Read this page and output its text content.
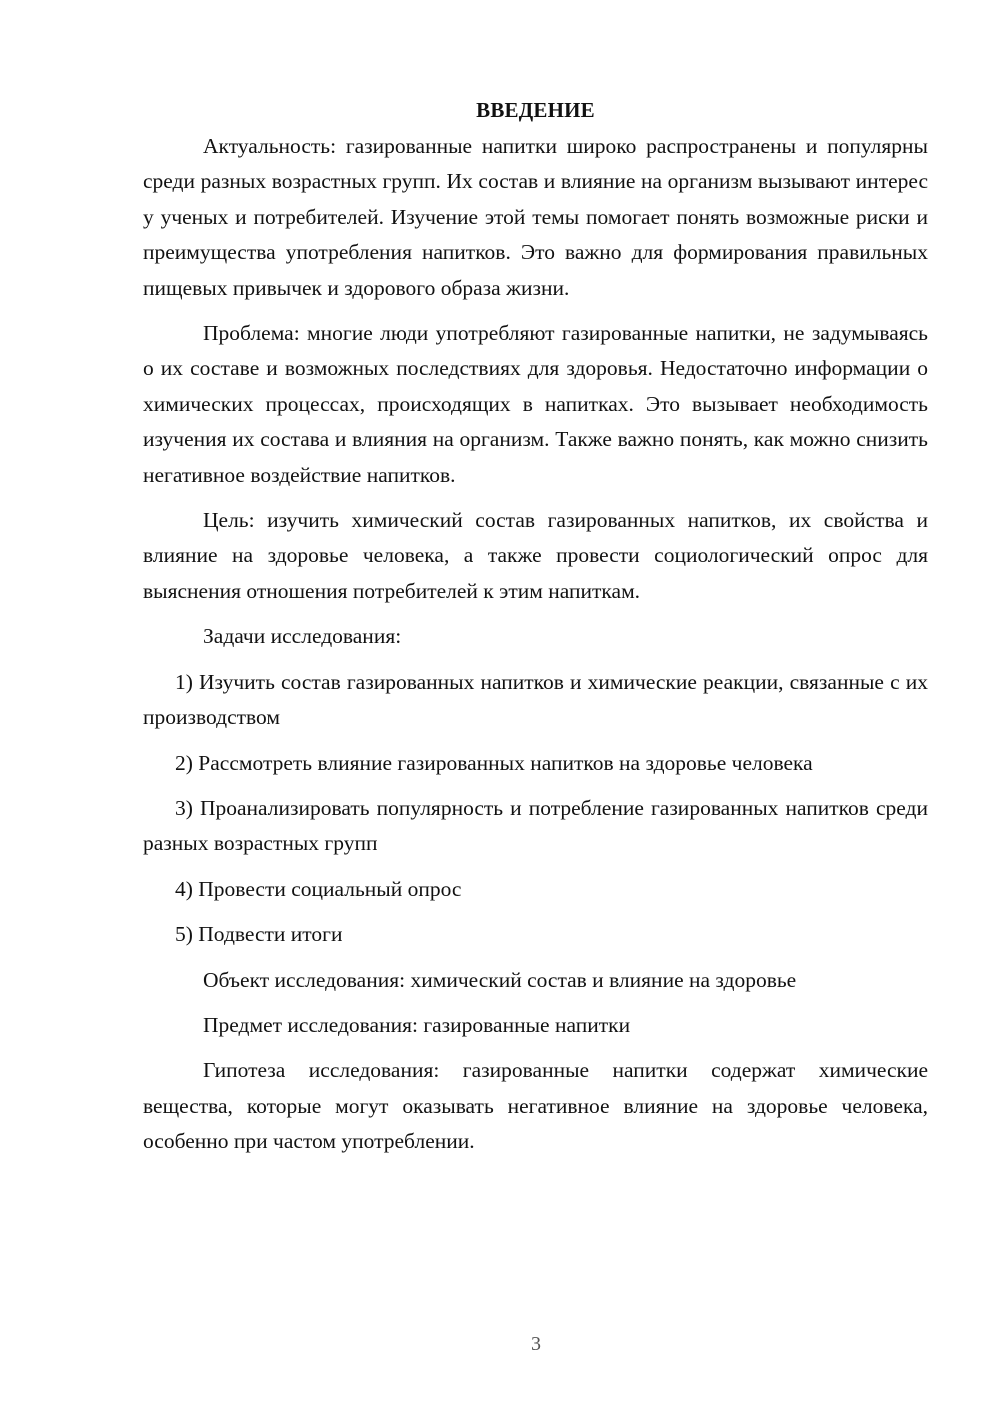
ВВЕДЕНИЕ

Актуальность: газированные напитки широко распространены и популярны среди разных возрастных групп. Их состав и влияние на организм вызывают интерес у ученых и потребителей. Изучение этой темы помогает понять возможные риски и преимущества употребления напитков. Это важно для формирования правильных пищевых привычек и здорового образа жизни.

Проблема: многие люди употребляют газированные напитки, не задумываясь о их составе и возможных последствиях для здоровья. Недостаточно информации о химических процессах, происходящих в напитках. Это вызывает необходимость изучения их состава и влияния на организм. Также важно понять, как можно снизить негативное воздействие напитков.

Цель: изучить химический состав газированных напитков, их свойства и влияние на здоровье человека, а также провести социологический опрос для выяснения отношения потребителей к этим напиткам.

Задачи исследования:

1) Изучить состав газированных напитков и химические реакции, связанные с их производством

2) Рассмотреть влияние газированных напитков на здоровье человека

3) Проанализировать популярность и потребление газированных напитков среди разных возрастных групп

4) Провести социальный опрос

5) Подвести итоги

Объект исследования: химический состав и влияние на здоровье

Предмет исследования: газированные напитки

Гипотеза исследования: газированные напитки содержат химические вещества, которые могут оказывать негативное влияние на здоровье человека, особенно при частом употреблении.

3
